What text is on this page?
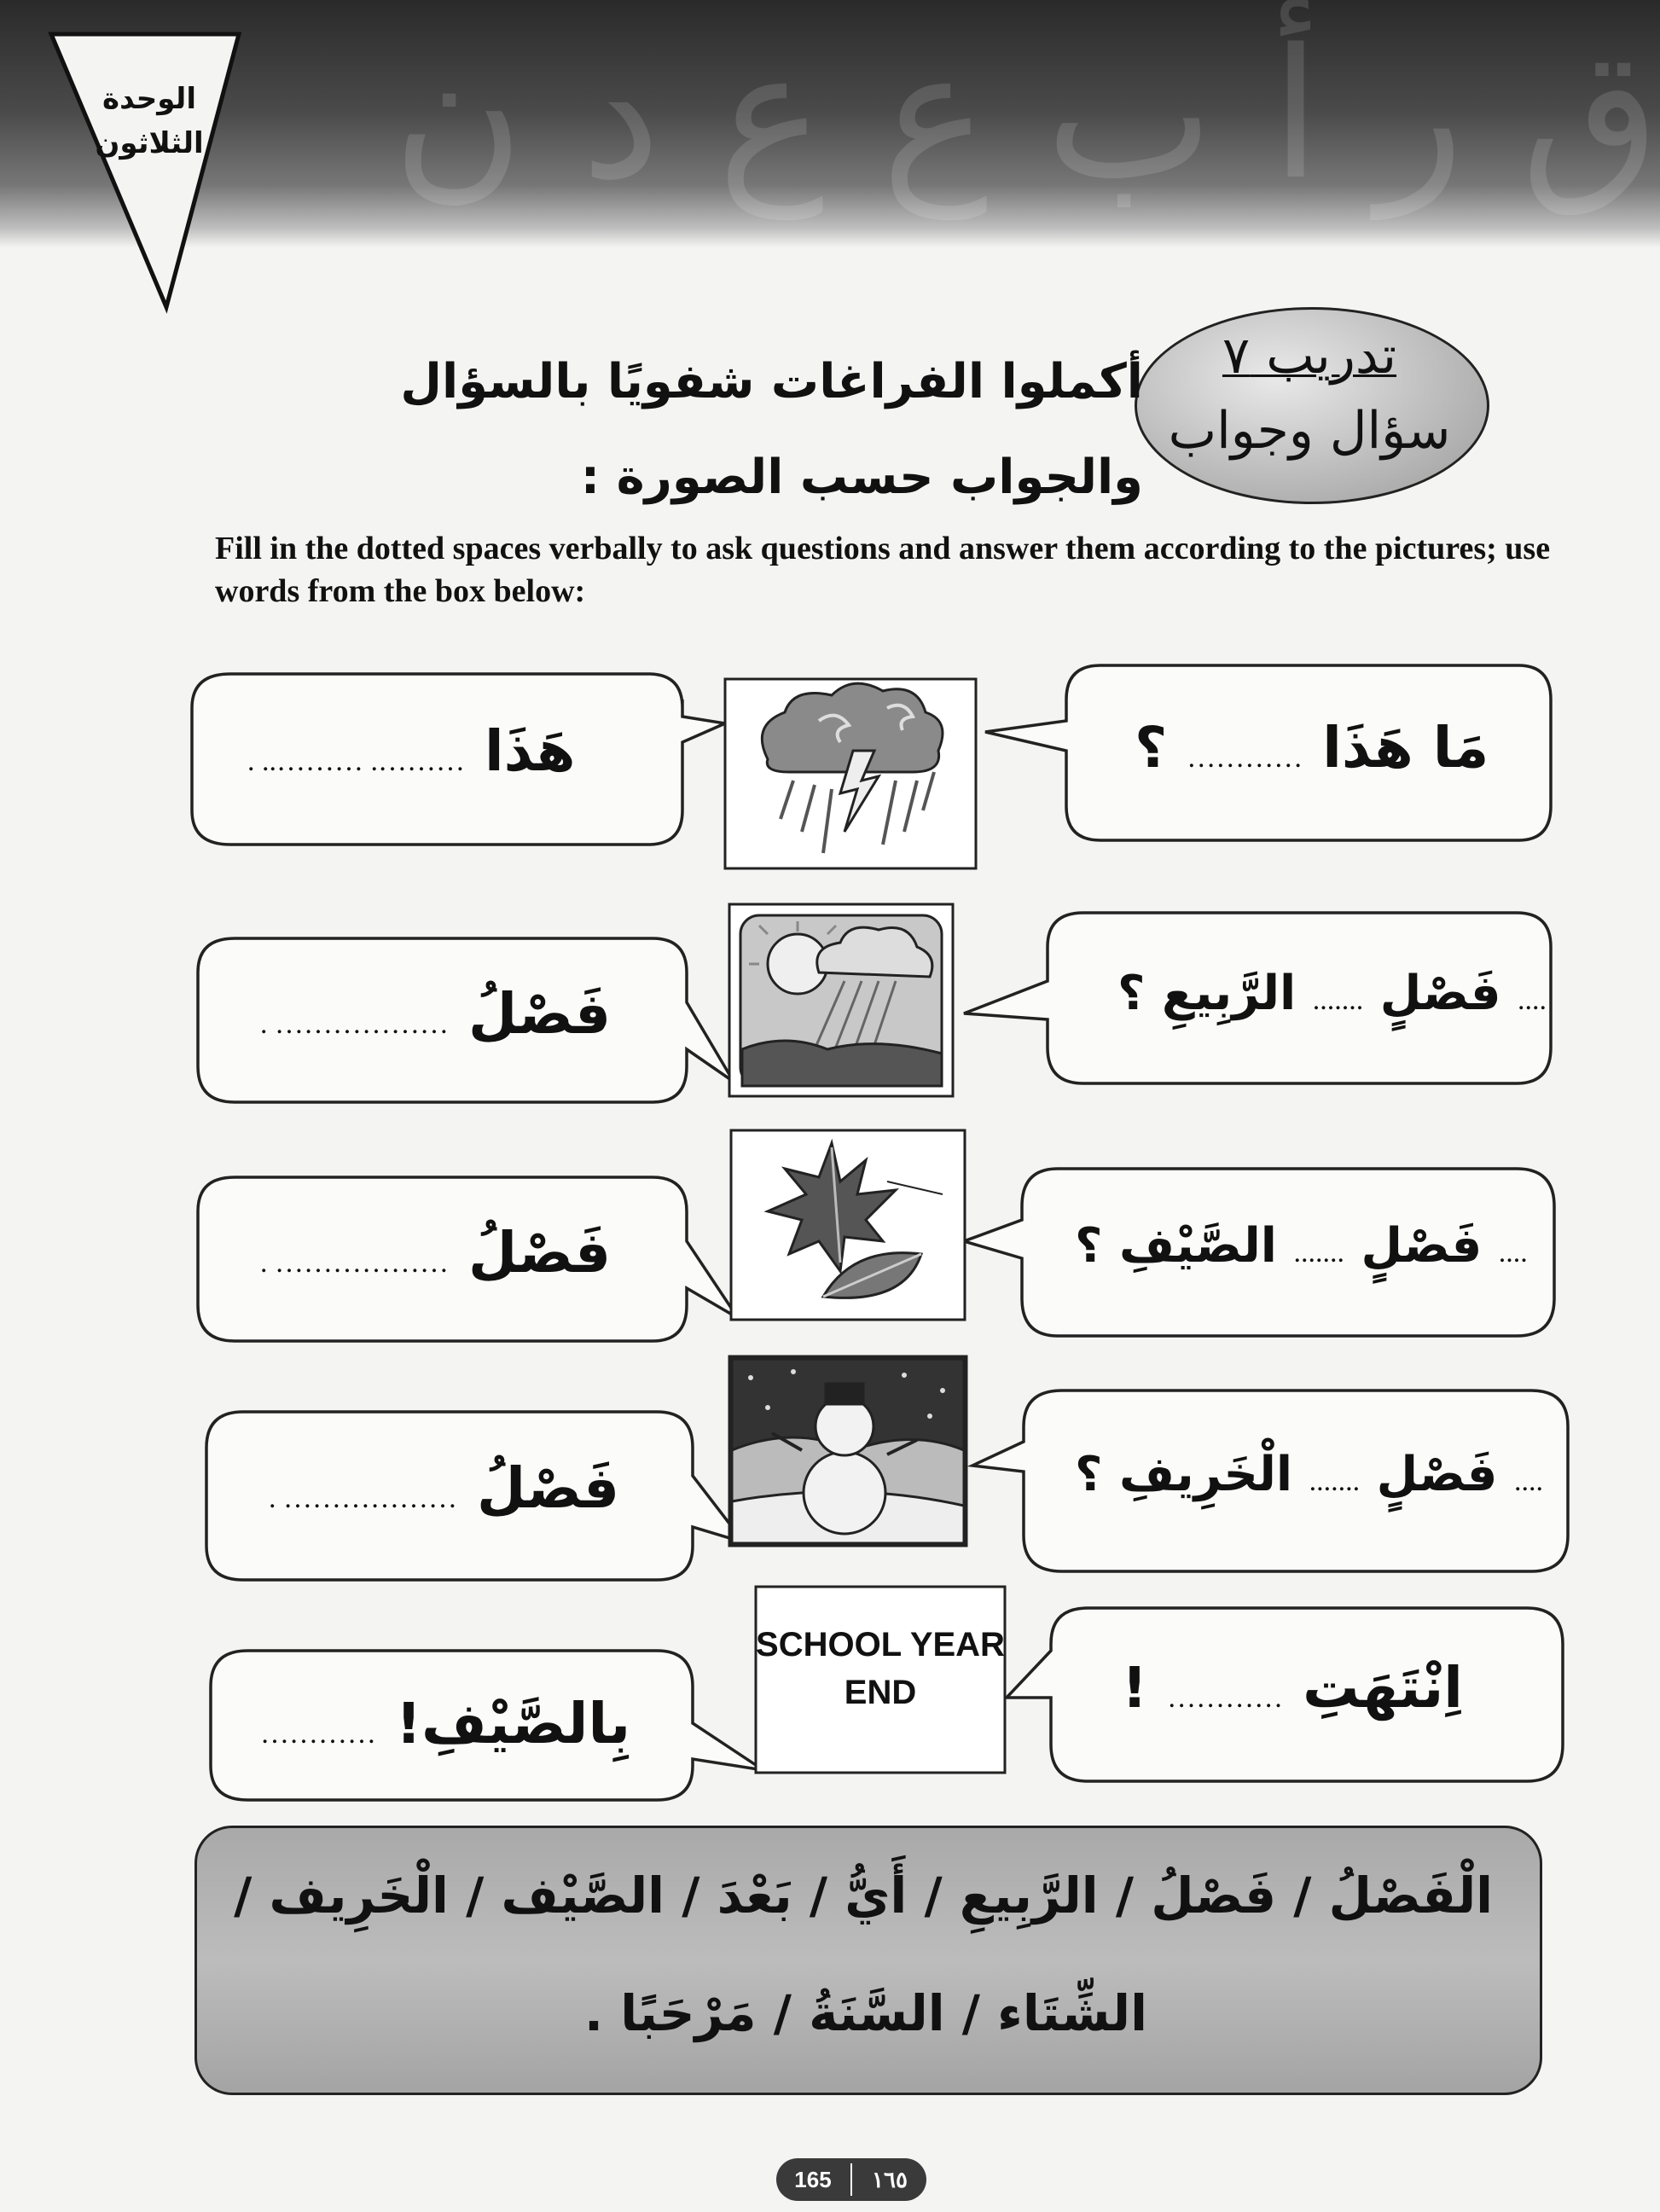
ق ر أ ب ع ع د ن
الوحدة
الثلاثون
تدريب ٧
سؤال وجواب
أكملوا الفراغات شفويًا بالسؤال والجواب حسب الصورة :
Fill in the dotted spaces verbally to ask questions and answer them according to the pictures; use words from the box below:
مَا هَذَا ………… ؟
هَذَا ………. ……….. .
.... فَصْلٍ ....... الرَّبِيعِ ؟
فَصْلُ ……………… .
.... فَصْلٍ ....... الصَّيْفِ ؟
فَصْلُ ……………… .
.... فَصْلٍ ....... الْخَرِيفِ ؟
فَصْلُ ……………… .
اِنْتَهَتِ ………… !
بِالصَّيْفِ! …………
SCHOOL YEAR
END
الْفَصْلُ / فَصْلُ / الرَّبِيعِ / أَيُّ / بَعْدَ / الصَّيْف / الْخَرِيف /
الشِّتَاء / السَّنَةُ / مَرْحَبًا .
165	١٦٥
